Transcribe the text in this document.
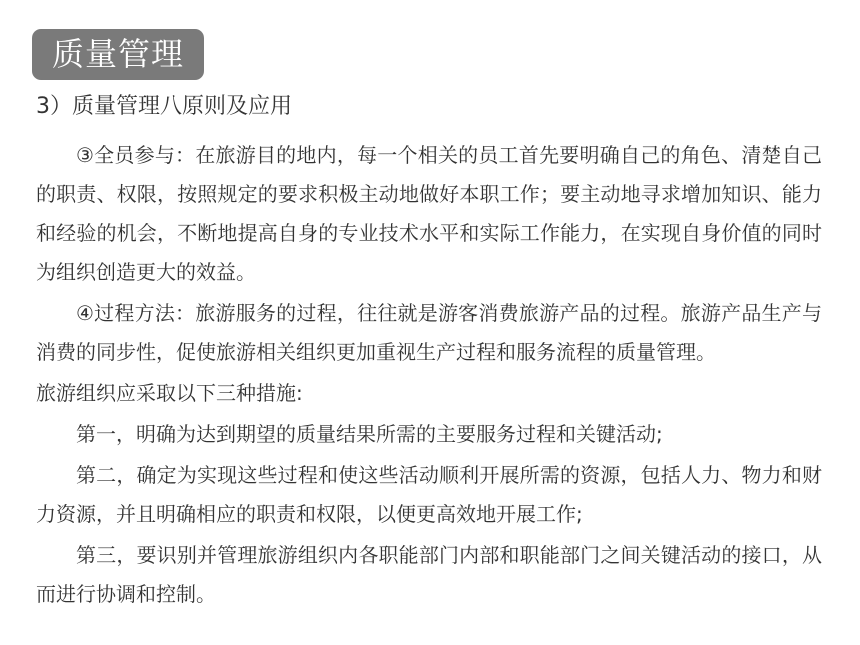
质量管理
3）质量管理八原则及应用

③全员参与：在旅游目的地内，每一个相关的员工首先要明确自己的角色、清楚自己的职责、权限，按照规定的要求积极主动地做好本职工作；要主动地寻求增加知识、能力和经验的机会，不断地提高自身的专业技术水平和实际工作能力，在实现自身价值的同时为组织创造更大的效益。

④过程方法：旅游服务的过程，往往就是游客消费旅游产品的过程。旅游产品生产与消费的同步性，促使旅游相关组织更加重视生产过程和服务流程的质量管理。

旅游组织应采取以下三种措施:

第一，明确为达到期望的质量结果所需的主要服务过程和关键活动;

第二，确定为实现这些过程和使这些活动顺利开展所需的资源，包括人力、物力和财力资源，并且明确相应的职责和权限，以便更高效地开展工作;

第三，要识别并管理旅游组织内各职能部门内部和职能部门之间关键活动的接口，从而进行协调和控制。
